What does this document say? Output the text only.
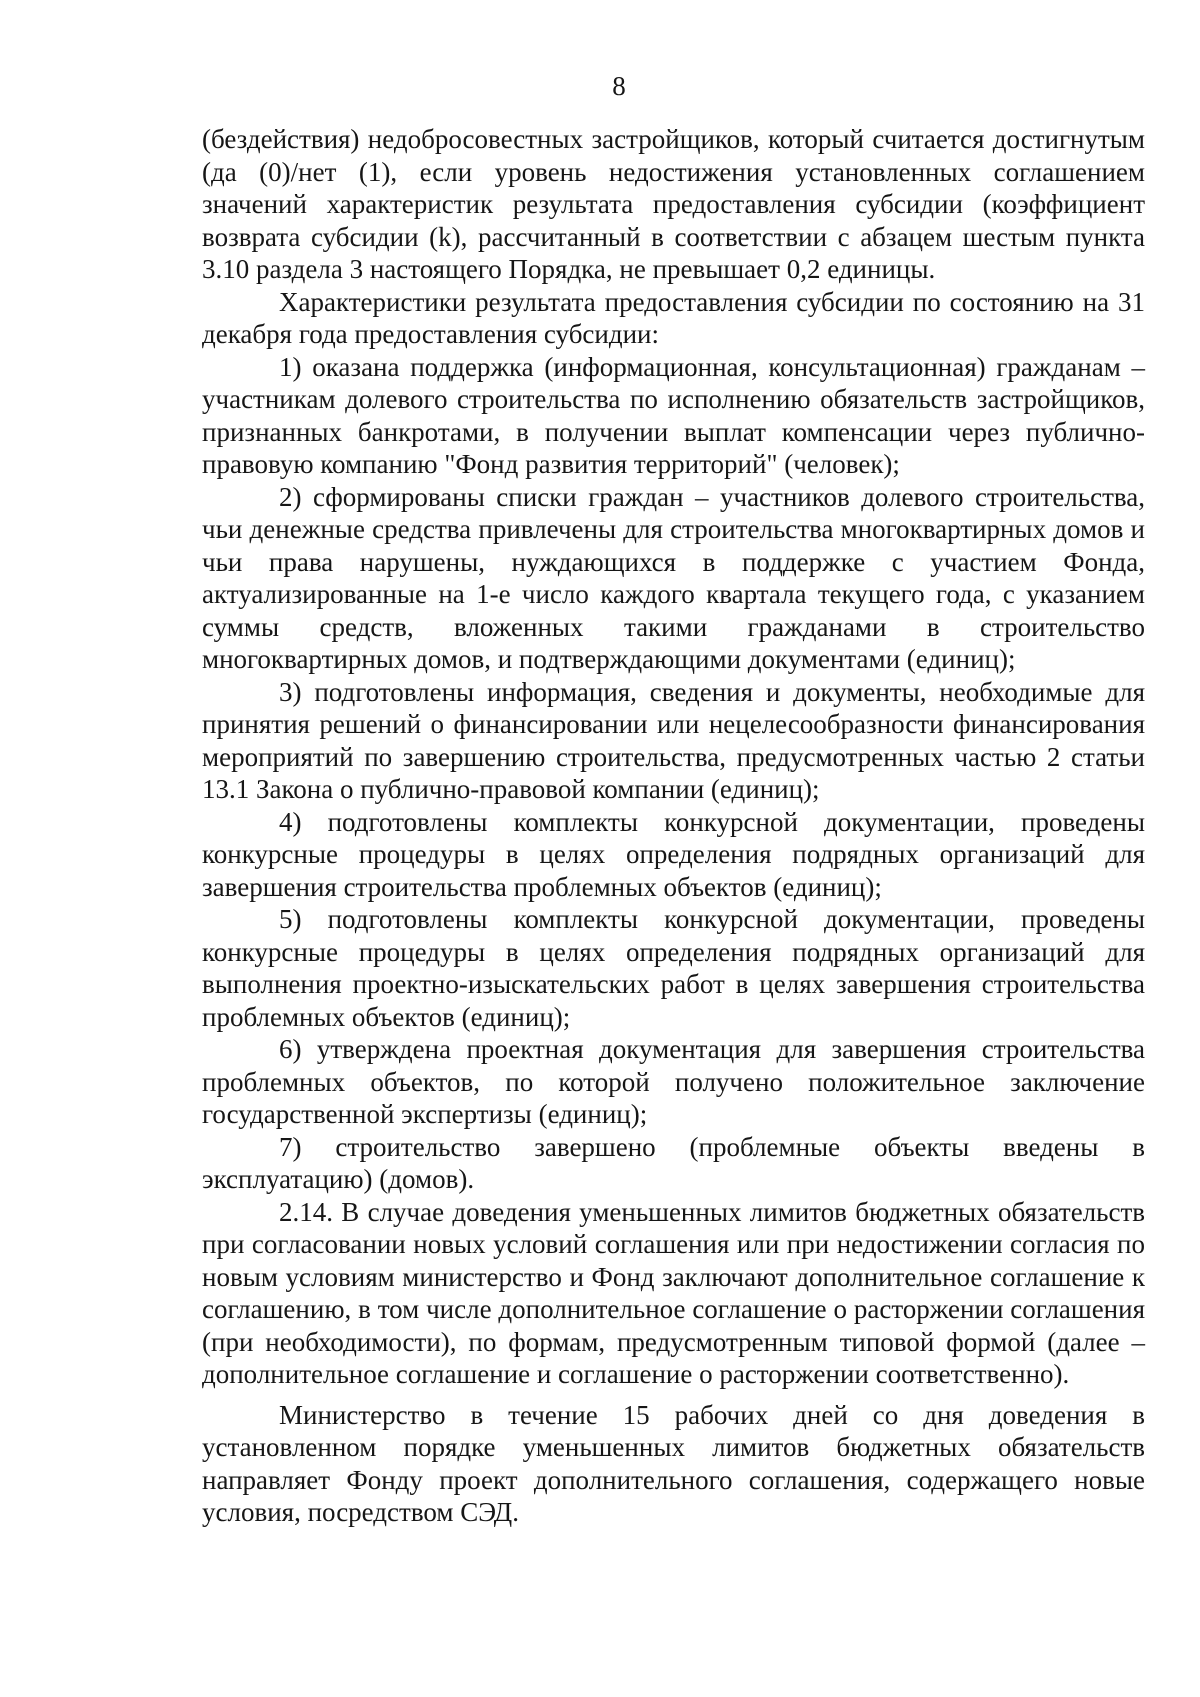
8

(бездействия) недобросовестных застройщиков, который считается достигнутым (да (0)/нет (1), если уровень недостижения установленных соглашением значений характеристик результата предоставления субсидии (коэффициент возврата субсидии (k), рассчитанный в соответствии с абзацем шестым пункта 3.10 раздела 3 настоящего Порядка, не превышает 0,2 единицы.

Характеристики результата предоставления субсидии по состоянию на 31 декабря года предоставления субсидии:

1) оказана поддержка (информационная, консультационная) гражданам – участникам долевого строительства по исполнению обязательств застройщиков, признанных банкротами, в получении выплат компенсации через публично-правовую компанию "Фонд развития территорий" (человек);

2) сформированы списки граждан – участников долевого строительства, чьи денежные средства привлечены для строительства многоквартирных домов и чьи права нарушены, нуждающихся в поддержке с участием Фонда, актуализированные на 1-е число каждого квартала текущего года, с указанием суммы средств, вложенных такими гражданами в строительство многоквартирных домов, и подтверждающими документами (единиц);

3) подготовлены информация, сведения и документы, необходимые для принятия решений о финансировании или нецелесообразности финансирования мероприятий по завершению строительства, предусмотренных частью 2 статьи 13.1 Закона о публично-правовой компании (единиц);

4) подготовлены комплекты конкурсной документации, проведены конкурсные процедуры в целях определения подрядных организаций для завершения строительства проблемных объектов (единиц);

5) подготовлены комплекты конкурсной документации, проведены конкурсные процедуры в целях определения подрядных организаций для выполнения проектно-изыскательских работ в целях завершения строительства проблемных объектов (единиц);

6) утверждена проектная документация для завершения строительства проблемных объектов, по которой получено положительное заключение государственной экспертизы (единиц);

7) строительство завершено (проблемные объекты введены в эксплуатацию) (домов).

2.14. В случае доведения уменьшенных лимитов бюджетных обязательств при согласовании новых условий соглашения или при недостижении согласия по новым условиям министерство и Фонд заключают дополнительное соглашение к соглашению, в том числе дополнительное соглашение о расторжении соглашения (при необходимости), по формам, предусмотренным типовой формой (далее – дополнительное соглашение и соглашение о расторжении соответственно).

Министерство в течение 15 рабочих дней со дня доведения в установленном порядке уменьшенных лимитов бюджетных обязательств направляет Фонду проект дополнительного соглашения, содержащего новые условия, посредством СЭД.
